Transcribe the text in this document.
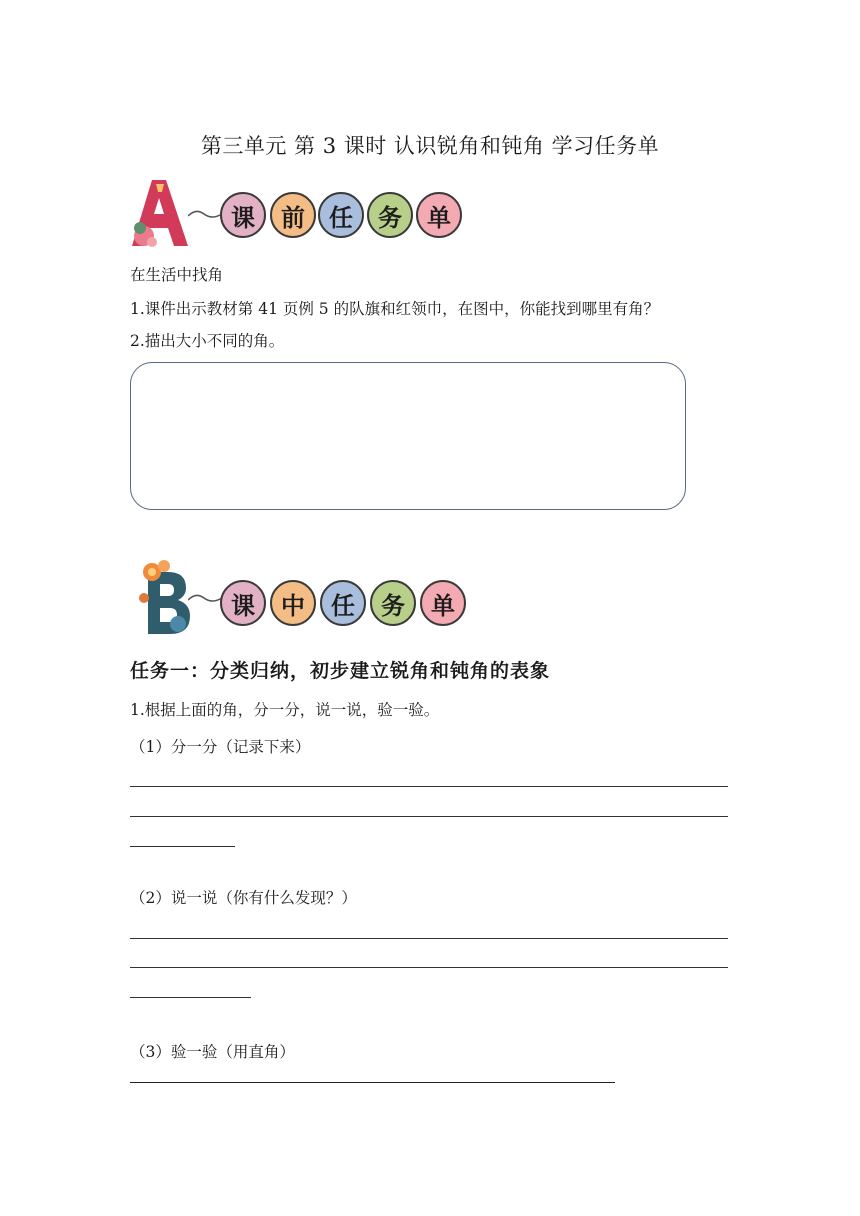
第三单元 第 3 课时 认识锐角和钝角 学习任务单
课	前	任	务	单
在生活中找角
1.课件出示教材第 41 页例 5 的队旗和红领巾，在图中，你能找到哪里有角？
2.描出大小不同的角。
课	中	任	务	单
任务一：分类归纳，初步建立锐角和钝角的表象
1.根据上面的角，分一分，说一说，验一验。
（1）分一分（记录下来）
（2）说一说（你有什么发现？）
（3）验一验（用直角）
